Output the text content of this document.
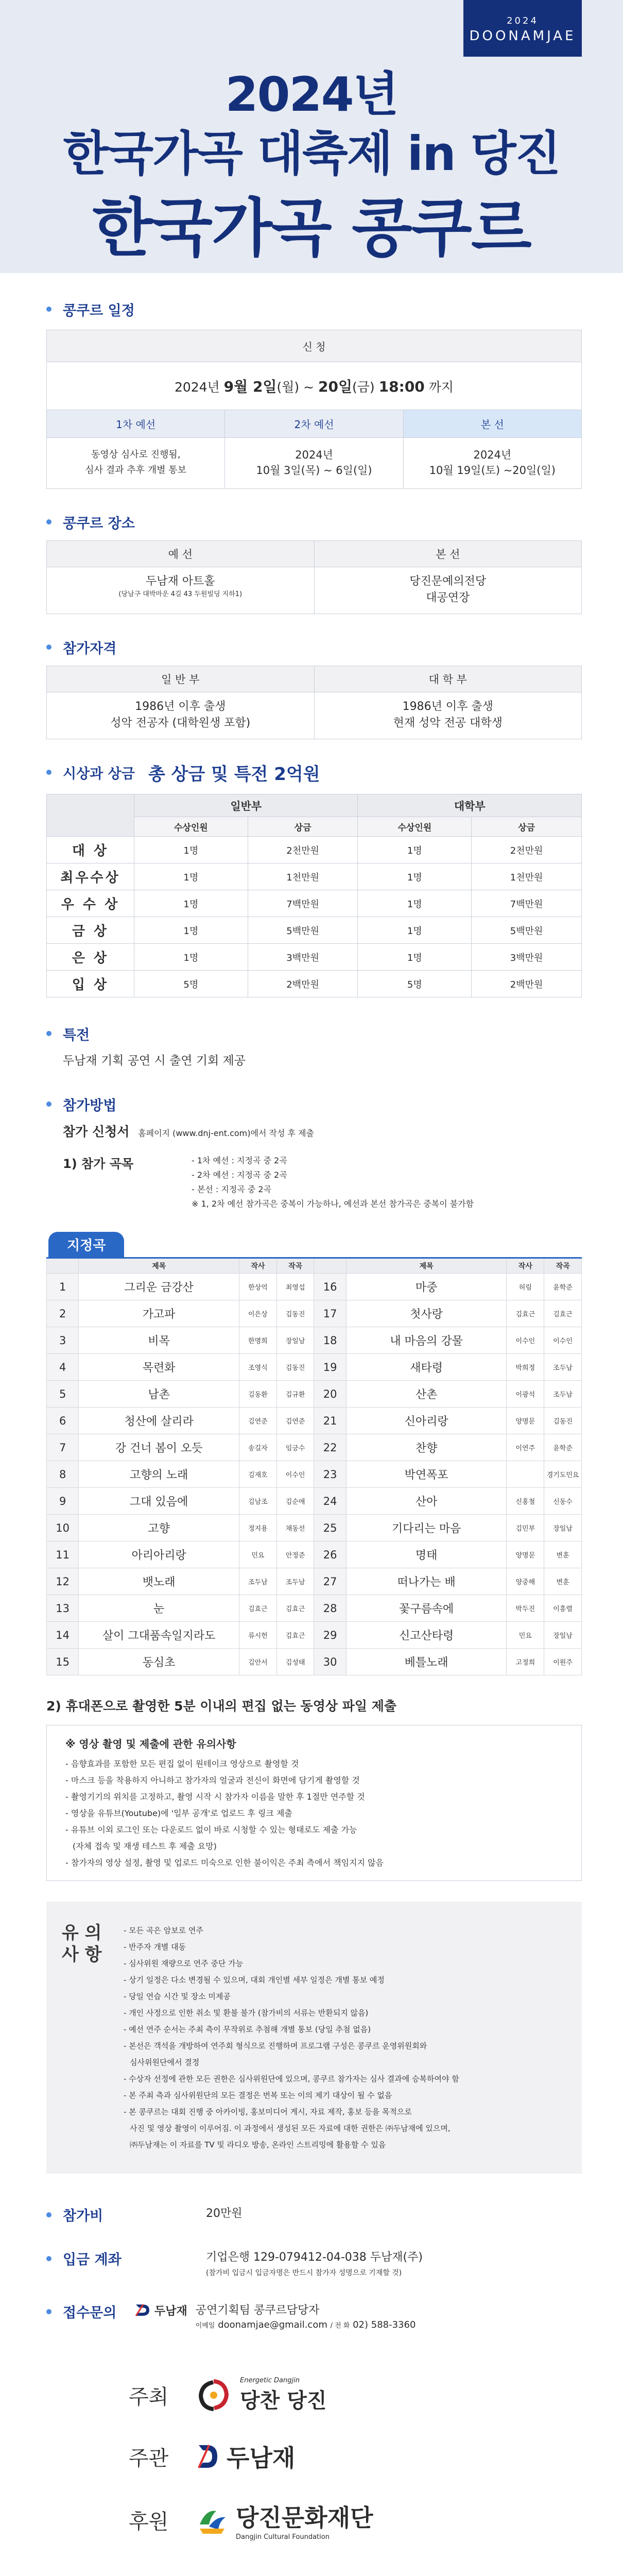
2024
DOONAMJAE
2024년
한국가곡 대축제 in 당진
한국가곡 콩쿠르
콩쿠르 일정
신 청
2024년 9월 2일(월) ~ 20일(금) 18:00 까지
1차 예선
동영상 심사로 진행됨,
심사 결과 추후 개별 통보
2차 예선
2024년
10월 3일(목) ~ 6일(일)
본 선
2024년
10월 19일(토) ~20일(일)
콩쿠르 장소
예 선
두남재 아트홀
(당남구 대박마운 4길 43 두원빌딩 지하1)
본 선
당진문예의전당
대공연장
참가자격
일 반 부
1986년 이후 출생
성악 전공자 (대학원생 포함)
대 학 부
1986년 이후 출생
현재 성악 전공 대학생
시상과 상금 총 상금 및 특전 2억원
	일반부		대학부	
	수상인원	상금	수상인원	상금
대 상	1명	2천만원	1명	2천만원
최우수상	1명	1천만원	1명	1천만원
우 수 상	1명	7백만원	1명	7백만원
금 상	1명	5백만원	1명	5백만원
은 상	1명	3백만원	1명	3백만원
입 상	5명	2백만원	5명	2백만원
특전
두남재 기획 공연 시 출연 기회 제공
참가방법
참가 신청서 홈페이지 (www.dnj-ent.com)에서 작성 후 제출
1) 참가 곡목	- 1차 예선 : 지정곡 중 2곡
- 2차 예선 : 지정곡 중 2곡
- 본선 : 지정곡 중 2곡
※ 1, 2차 예선 참가곡은 중복이 가능하나, 예선과 본선 참가곡은 중복이 불가함
지정곡
	제목	작사	작곡		제목	작사	작곡
1	그리운 금강산	한상억	최영섭	16	마중	허림	윤학준
2	가고파	이은상	김동진	17	첫사랑	김효근	김효근
3	비목	한명희	장일남	18	내 마음의 강물	이수인	이수인
4	목련화	조영식	김동진	19	새타령	박희정	조두남
5	남촌	김동환	김규환	20	산촌	이광석	조두남
6	청산에 살리라	김연준	김연준	21	신아리랑	양명문	김동진
7	강 건너 봄이 오듯	송길자	임긍수	22	찬향	이연주	윤학준
8	고향의 노래	김재호	이수인	23	박연폭포		경기도민요
9	그대 있음에	김남조	김순애	24	산아	신홍철	신동수
10	고향	정지용	채동선	25	기다리는 마음	김민부	장일남
11	아리아리랑	민요	안정준	26	명태	양명문	변훈
12	뱃노래	조두남	조두남	27	떠나가는 배	양중해	변훈
13	눈	김효근	김효근	28	꽃구름속에	박두진	이흥렬
14	살이 그대품속일지라도	류시헌	김효근	29	신고산타령	민요	장일남
15	동심초	김안서	김성태	30	베틀노래	고정희	이원주
2) 휴대폰으로 촬영한 5분 이내의 편집 없는 동영상 파일 제출
※ 영상 촬영 및 제출에 관한 유의사항
- 음향효과를 포함한 모든 편집 없이 원테이크 영상으로 촬영할 것
- 마스크 등을 착용하지 아니하고 참가자의 얼굴과 전신이 화면에 담기게 촬영할 것
- 촬영기기의 위치를 고정하고, 촬영 시작 시 참가자 이름을 말한 후 1절만 연주할 것
- 영상을 유튜브(Youtube)에 '일부 공개'로 업로드 후 링크 제출
- 유튜브 이외 로그인 또는 다운로드 없이 바로 시청할 수 있는 형태로도 제출 가능
(자체 접속 및 재생 테스트 후 제출 요망)
- 참가자의 영상 설정, 촬영 및 업로드 미숙으로 인한 불이익은 주최 측에서 책임지지 않음
유 의
사 항
- 모든 곡은 암보로 연주
- 반주자 개별 대동
- 심사위원 재량으로 연주 중단 가능
- 상기 일정은 다소 변경될 수 있으며, 대회 개인별 세부 일정은 개별 통보 예정
- 당일 연습 시간 및 장소 미제공
- 개인 사정으로 인한 취소 및 환불 불가 (참가비의 서류는 반환되지 않음)
- 예선 연주 순서는 주최 측이 무작위로 추첨해 개별 통보 (당일 추첨 없음)
- 본선은 객석을 개방하여 연주회 형식으로 진행하며 프로그램 구성은 콩쿠르 운영위원회와
심사위원단에서 결정
- 수상자 선정에 관한 모든 권한은 심사위원단에 있으며, 콩쿠르 참가자는 심사 결과에 승복하여야 함
- 본 주최 측과 심사위원단의 모든 결정은 번복 또는 이의 제기 대상이 될 수 없음
- 본 콩쿠르는 대회 진행 중 아카이빙, 홍보미디어 게시, 자료 제작, 홍보 등을 목적으로
사진 및 영상 촬영이 이루어짐. 이 과정에서 생성된 모든 자료에 대한 권한은 ㈜두남재에 있으며,
㈜두남재는 이 자료를 TV 및 라디오 방송, 온라인 스트리밍에 활용할 수 있음
참가비	20만원
입금 계좌	기업은행 129-079412-04-038 두남재(주)
(참가비 입금시 입금자명은 반드시 참가자 성명으로 기재할 것)
접수문의	두남재 공연기획팀 콩쿠르담당자
이메일 doonamjae@gmail.com / 전 화 02) 588-3360
주최
Energetic Dangjin
당찬 당진
주관	두남재
후원	당진문화재단
Dangjin Cultural Foundation
